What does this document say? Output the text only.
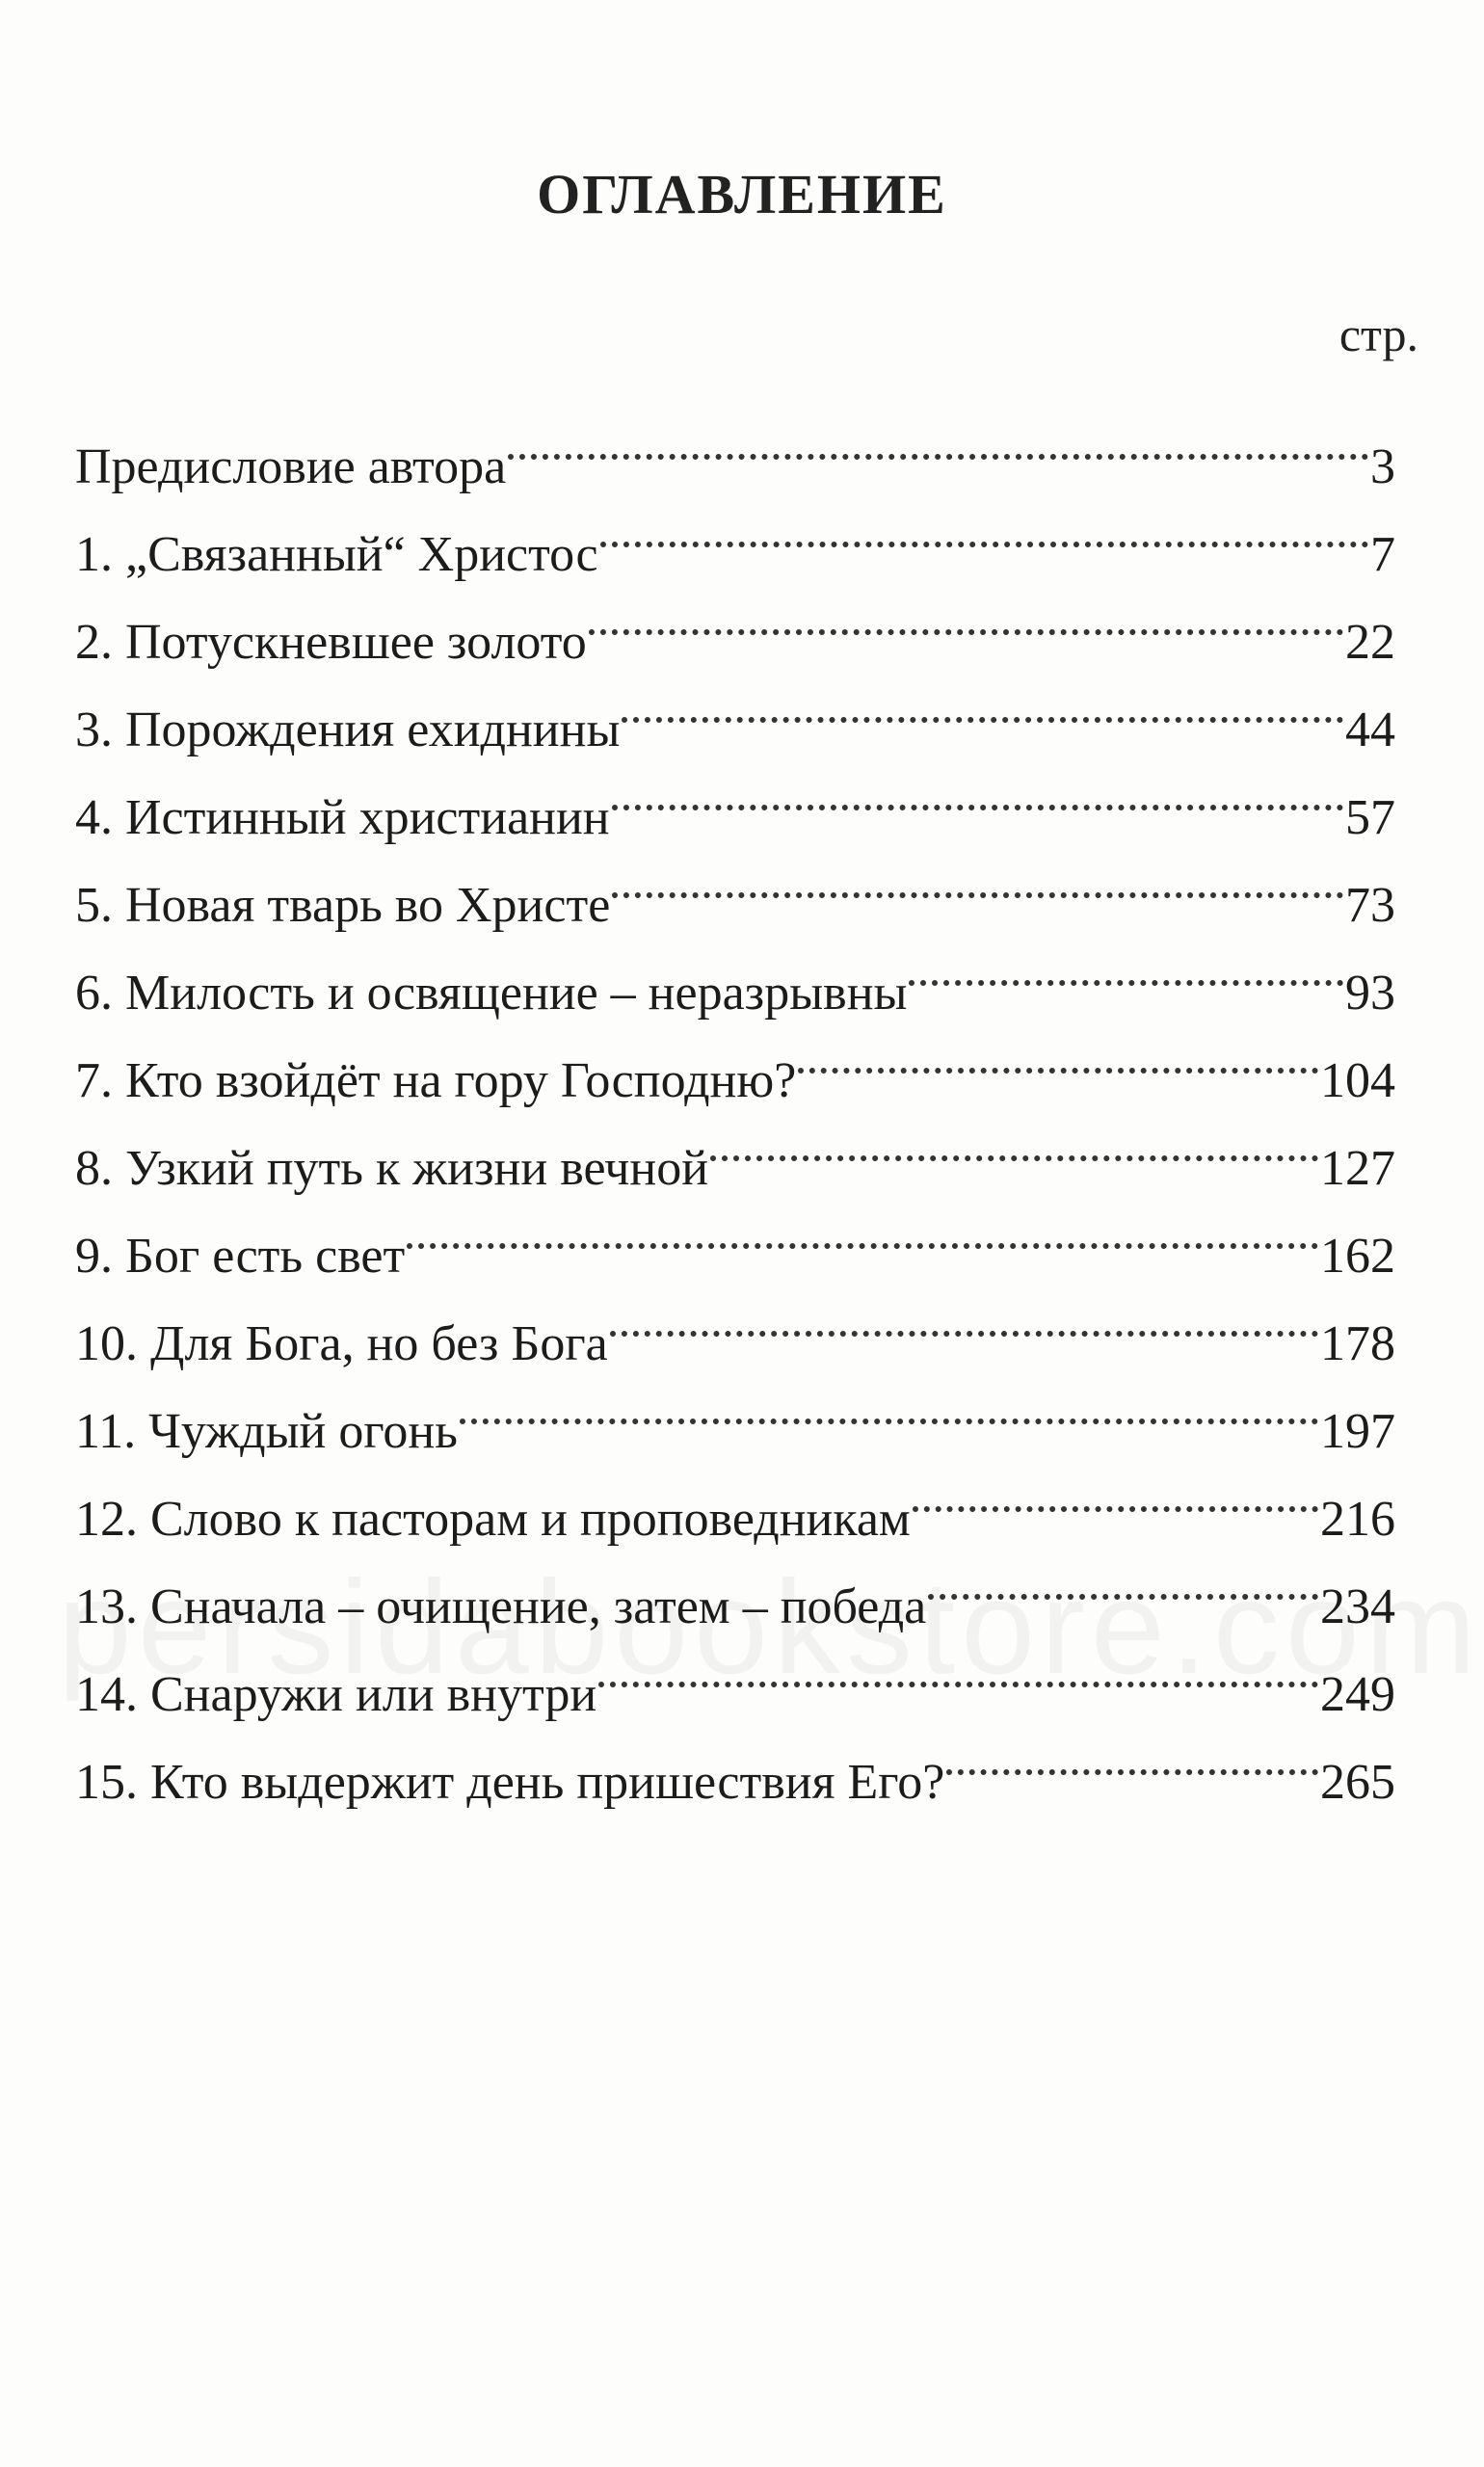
ОГЛАВЛЕНИЕ
стр.
Предисловие автора	3
1. „Связанный“ Христос	7
2. Потускневшее золото	22
3. Порождения ехиднины	44
4. Истинный христианин	57
5. Новая тварь во Христе	73
6. Милость и освящение – неразрывны	93
7. Кто взойдёт на гору Господню?	104
8. Узкий путь к жизни вечной	127
9. Бог есть свет	162
10. Для Бога, но без Бога	178
11. Чуждый огонь	197
12. Слово к пасторам и проповедникам	216
13. Сначала – очищение, затем – победа	234
14. Снаружи или внутри	249
15. Кто выдержит день пришествия Его?	265
